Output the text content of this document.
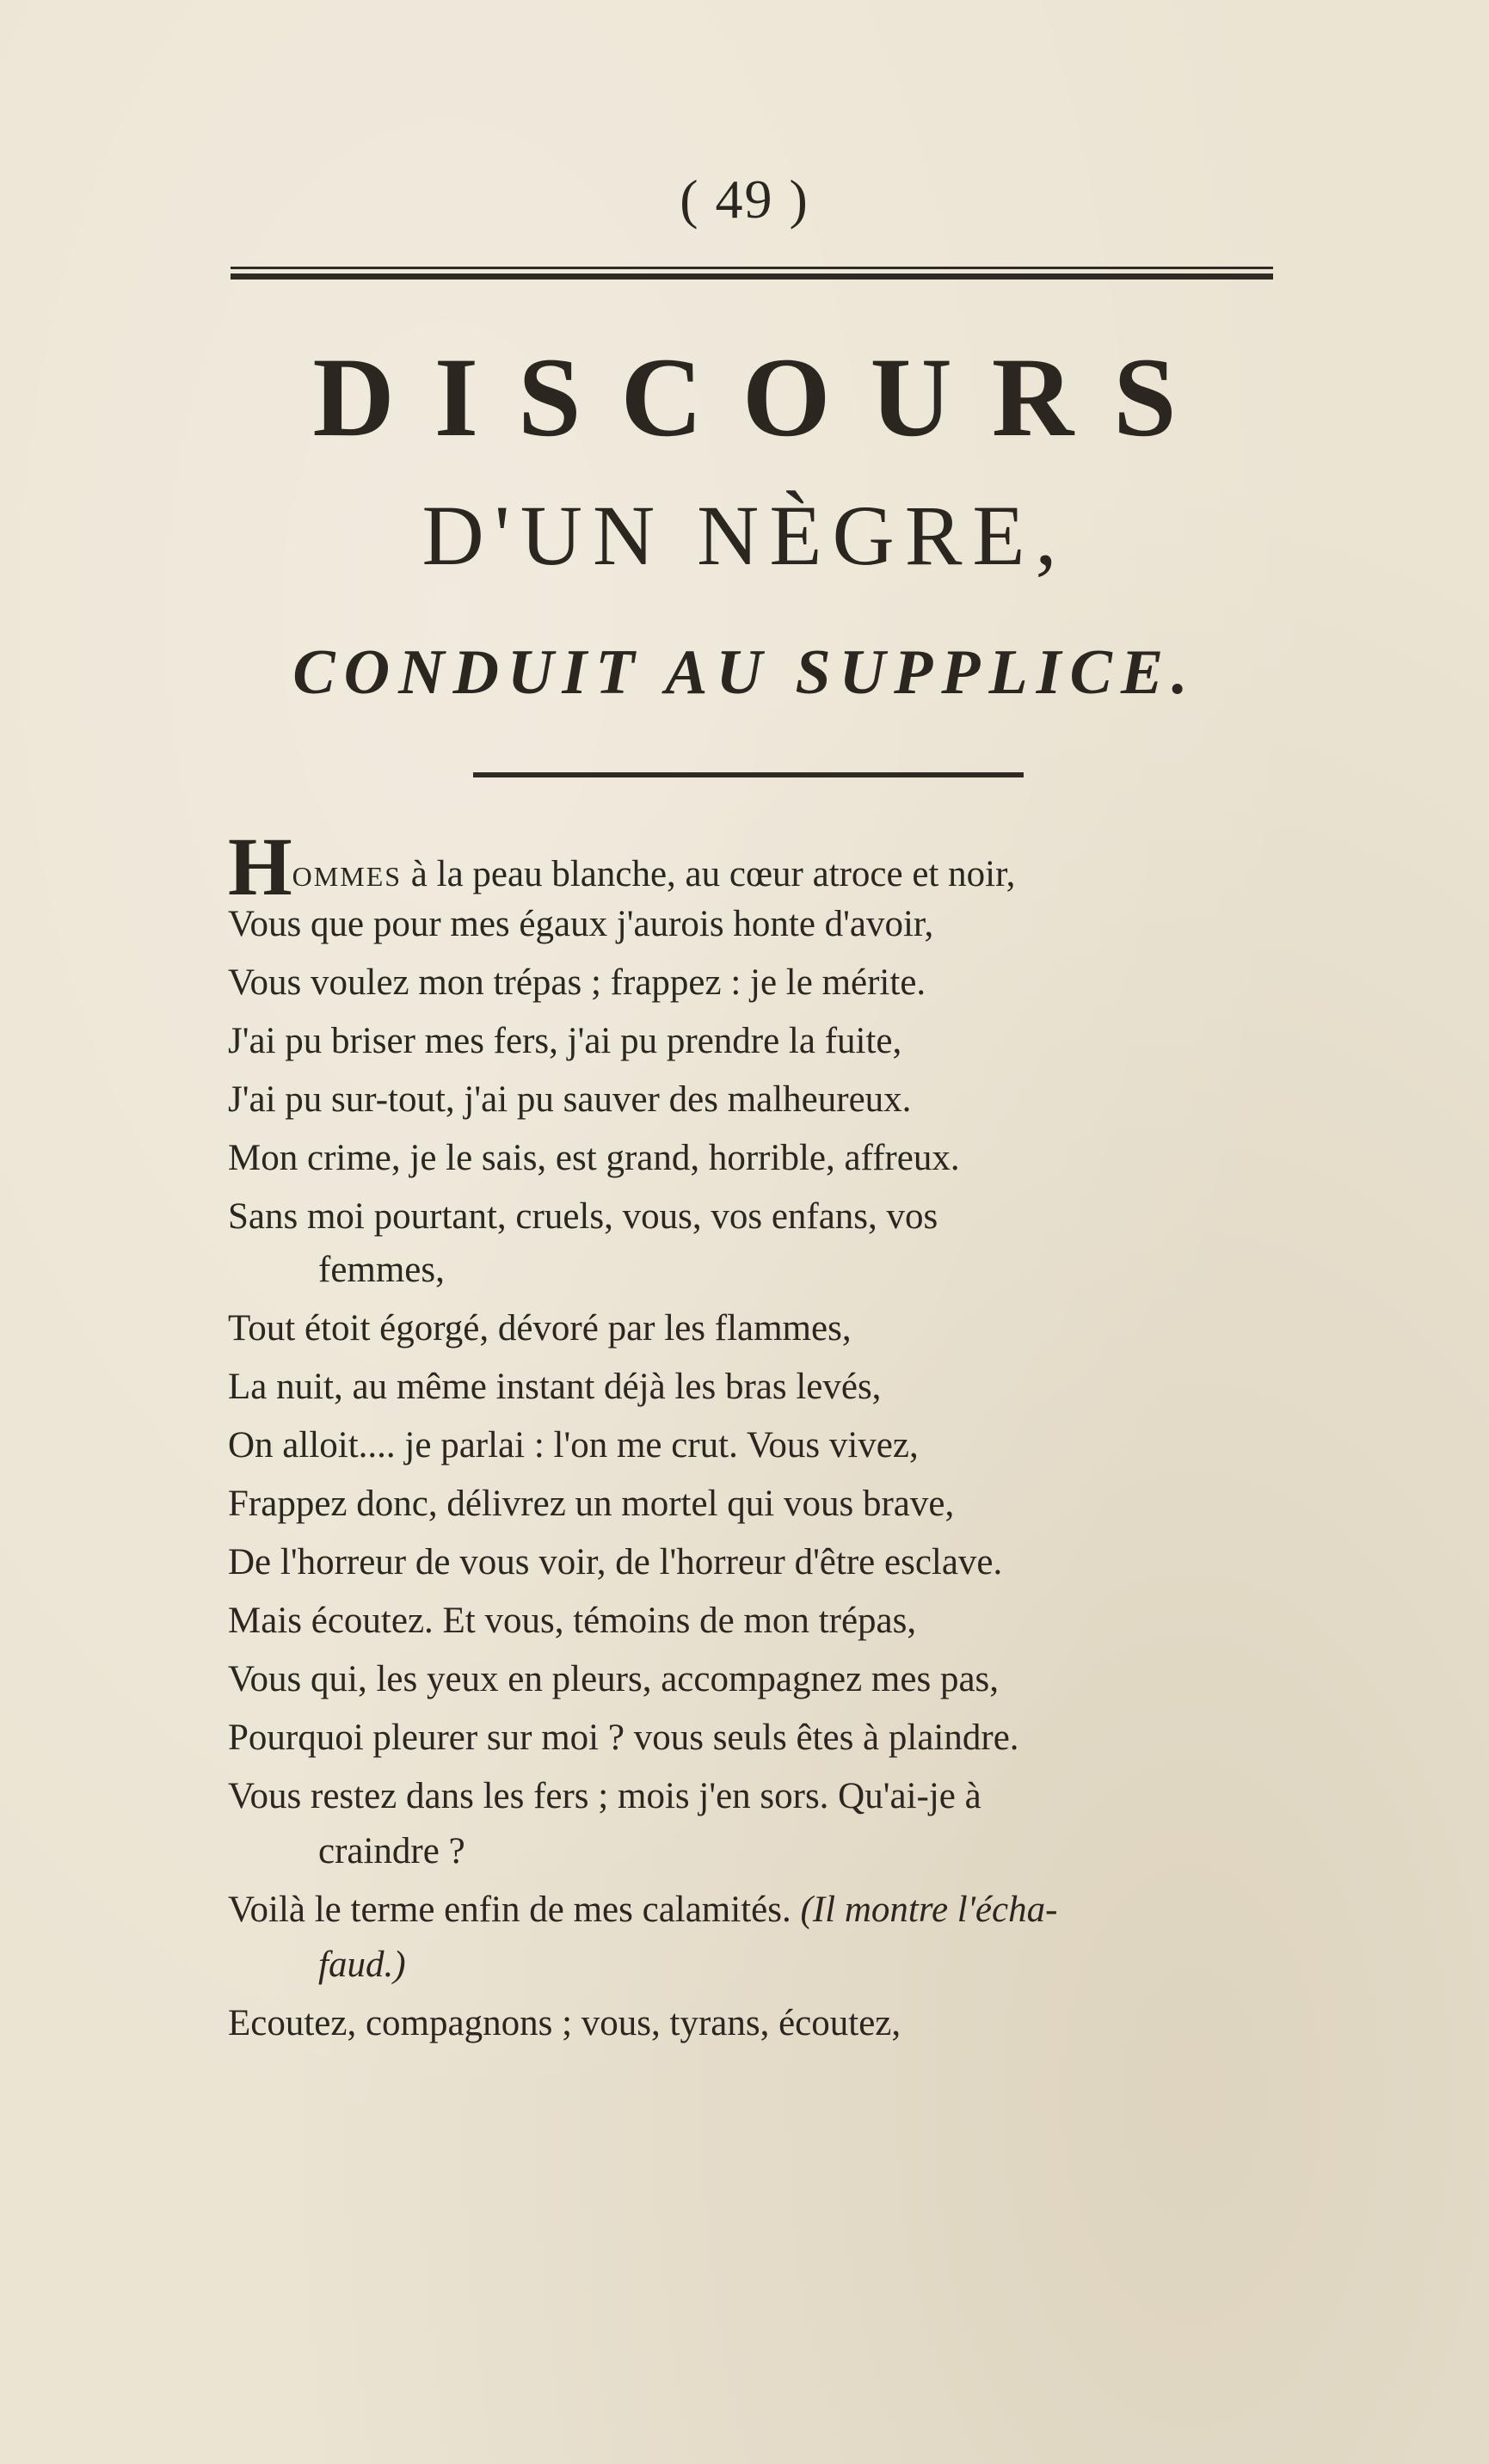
( 49 )
DISCOURS
D'UN NÈGRE,
CONDUIT AU SUPPLICE.
HOMMES à la peau blanche, au cœur atroce et noir,
Vous que pour mes égaux j'aurois honte d'avoir,
Vous voulez mon trépas ; frappez : je le mérite.
J'ai pu briser mes fers, j'ai pu prendre la fuite,
J'ai pu sur-tout, j'ai pu sauver des malheureux.
Mon crime, je le sais, est grand, horrible, affreux.
Sans moi pourtant, cruels, vous, vos enfans, vos
femmes,
Tout étoit égorgé, dévoré par les flammes,
La nuit, au même instant déjà les bras levés,
On alloit.... je parlai : l'on me crut. Vous vivez,
Frappez donc, délivrez un mortel qui vous brave,
De l'horreur de vous voir, de l'horreur d'être esclave.
Mais écoutez. Et vous, témoins de mon trépas,
Vous qui, les yeux en pleurs, accompagnez mes pas,
Pourquoi pleurer sur moi ? vous seuls êtes à plaindre.
Vous restez dans les fers ; mois j'en sors. Qu'ai-je à
craindre ?
Voilà le terme enfin de mes calamités. (Il montre l'écha-
faud.)
Ecoutez, compagnons ; vous, tyrans, écoutez,
